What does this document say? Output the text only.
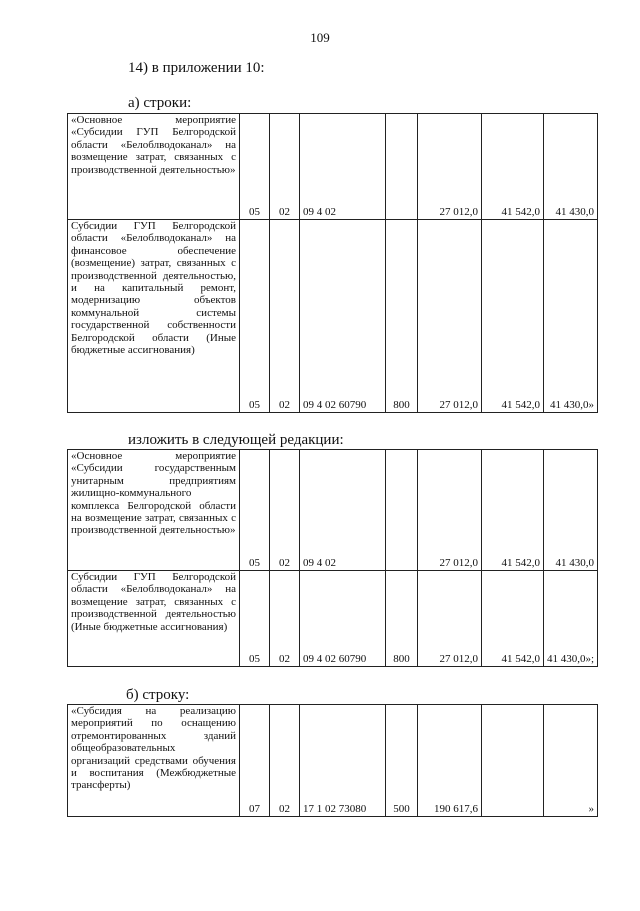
109
14) в приложении 10:
а) строки:
«Основное мероприятие «Субсидии ГУП Белгородской области «Белоблводоканал» на возмещение затрат, связанных с производственной деятельностью»	05	02	09 4 02		27 012,0	41 542,0	41 430,0
Субсидии ГУП Белгородской области «Белоблводоканал» на финансовое обеспечение (возмещение) затрат, связанных с производственной деятельностью, и на капитальный ремонт, модернизацию объектов коммунальной системы государственной собственности Белгородской области (Иные бюджетные ассигнования)	05	02	09 4 02 60790	800	27 012,0	41 542,0	41 430,0»
изложить в следующей редакции:
«Основное мероприятие «Субсидии государственным унитарным предприятиям жилищно-коммунального комплекса Белгородской области на возмещение затрат, связанных с производственной деятельностью»	05	02	09 4 02		27 012,0	41 542,0	41 430,0
Субсидии ГУП Белгородской области «Белоблводоканал» на возмещение затрат, связанных с производственной деятельностью (Иные бюджетные ассигнования)	05	02	09 4 02 60790	800	27 012,0	41 542,0	41 430,0»;
б) строку:
«Субсидия на реализацию мероприятий по оснащению отремонтированных зданий общеобразовательных организаций средствами обучения и воспитания (Межбюджетные трансферты)	07	02	17 1 02 73080	500	190 617,6		»
